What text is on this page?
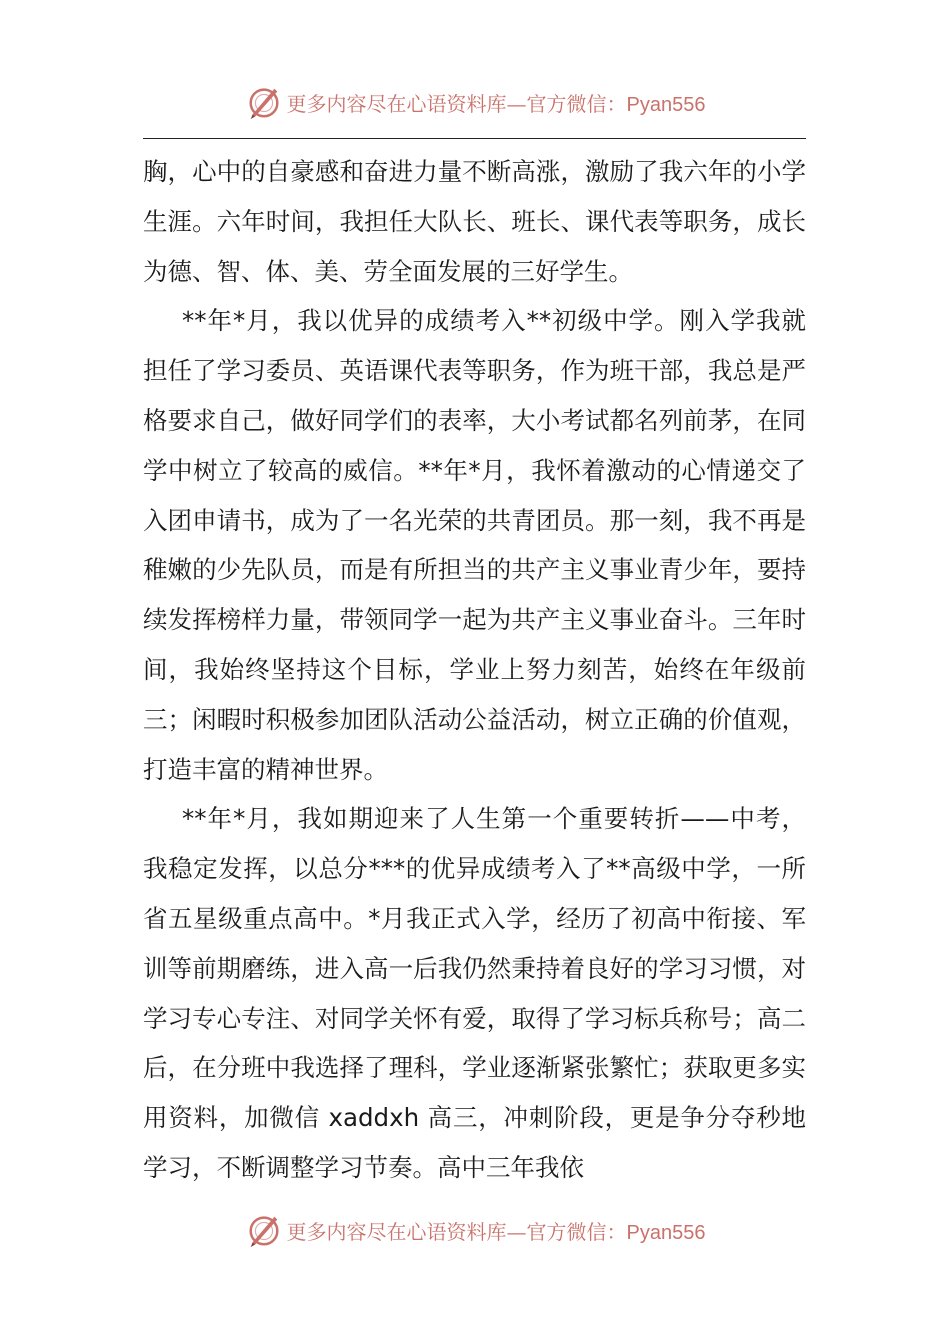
更多内容尽在心语资料库—官方微信：Pyan556

胸，心中的自豪感和奋进力量不断高涨，激励了我六年的小学生涯。六年时间，我担任大队长、班长、课代表等职务，成长为德、智、体、美、劳全面发展的三好学生。

**年*月，我以优异的成绩考入**初级中学。刚入学我就担任了学习委员、英语课代表等职务，作为班干部，我总是严格要求自己，做好同学们的表率，大小考试都名列前茅，在同学中树立了较高的威信。**年*月，我怀着激动的心情递交了入团申请书，成为了一名光荣的共青团员。那一刻，我不再是稚嫩的少先队员，而是有所担当的共产主义事业青少年，要持续发挥榜样力量，带领同学一起为共产主义事业奋斗。三年时间，我始终坚持这个目标，学业上努力刻苦，始终在年级前三；闲暇时积极参加团队活动公益活动，树立正确的价值观，打造丰富的精神世界。

**年*月，我如期迎来了人生第一个重要转折——中考，我稳定发挥，以总分***的优异成绩考入了**高级中学，一所省五星级重点高中。*月我正式入学，经历了初高中衔接、军训等前期磨练，进入高一后我仍然秉持着良好的学习习惯，对学习专心专注、对同学关怀有爱，取得了学习标兵称号；高二后，在分班中我选择了理科，学业逐渐紧张繁忙；获取更多实用资料，加微信 xaddxh 高三，冲刺阶段，更是争分夺秒地学习，不断调整学习节奏。高中三年我依

更多内容尽在心语资料库—官方微信：Pyan556
